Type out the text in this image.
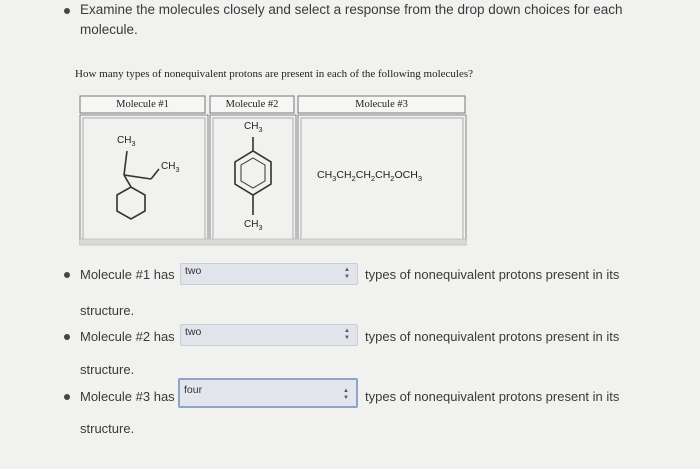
Examine the molecules closely and select a response from the drop down choices for each molecule.
How many types of nonequivalent protons are present in each of the following molecules?
Molecule #1	Molecule #2	Molecule #3
$CH_3$
$CH_3$
$CH_3$
$CH_3$
$CH_3CH_2CH_2CH_2OCH_3$
Molecule #1 has two	▲
▼ types of nonequivalent protons present in its
structure.
Molecule #2 has two	▲
▼ types of nonequivalent protons present in its
structure.
Molecule #3 has four	▲
▼ types of nonequivalent protons present in its
structure.
